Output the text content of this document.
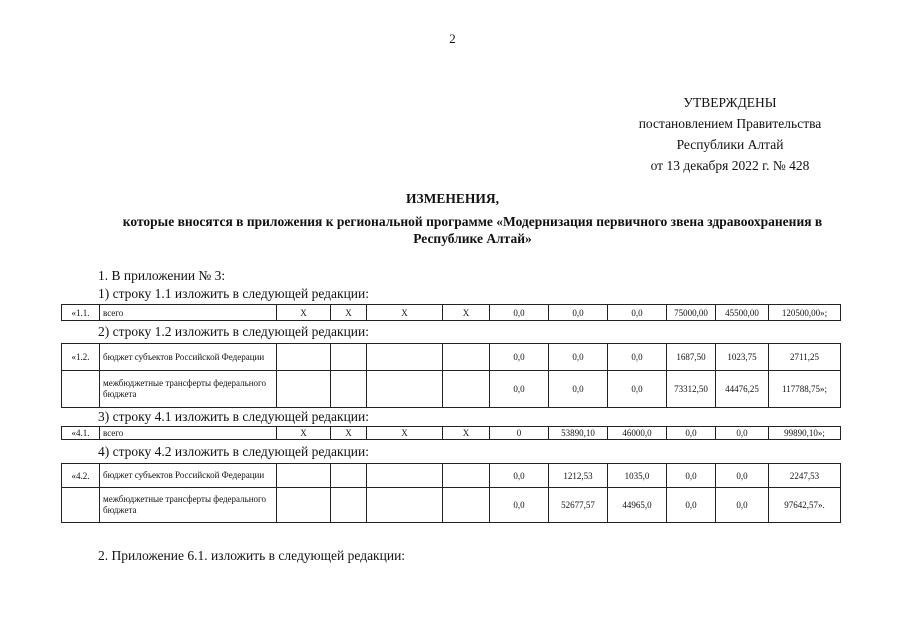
2
УТВЕРЖДЕНЫ
постановлением Правительства
Республики Алтай
от 13 декабря 2022 г. № 428
ИЗМЕНЕНИЯ,
которые вносятся в приложения к региональной программе «Модернизация первичного звена здравоохранения в Республике Алтай»
1. В приложении № 3:
1) строку 1.1 изложить в следующей редакции:
«1.1.	всего	X	X	X	X	0,0	0,0	0,0	75000,00	45500,00	120500,00»;
2) строку 1.2 изложить в следующей редакции:
«1.2.	бюджет субъектов Российской Федерации					0,0	0,0	0,0	1687,50	1023,75	2711,25
	межбюджетные трансферты федерального бюджета					0,0	0,0	0,0	73312,50	44476,25	117788,75»;
3) строку 4.1 изложить в следующей редакции:
«4.1.	всего	X	X	X	X	0	53890,10	46000,0	0,0	0,0	99890,10»;
4) строку 4.2 изложить в следующей редакции:
«4.2.	бюджет субъектов Российской Федерации					0,0	1212,53	1035,0	0,0	0,0	2247,53
	межбюджетные трансферты федерального бюджета					0,0	52677,57	44965,0	0,0	0,0	97642,57».
2. Приложение 6.1. изложить в следующей редакции:
